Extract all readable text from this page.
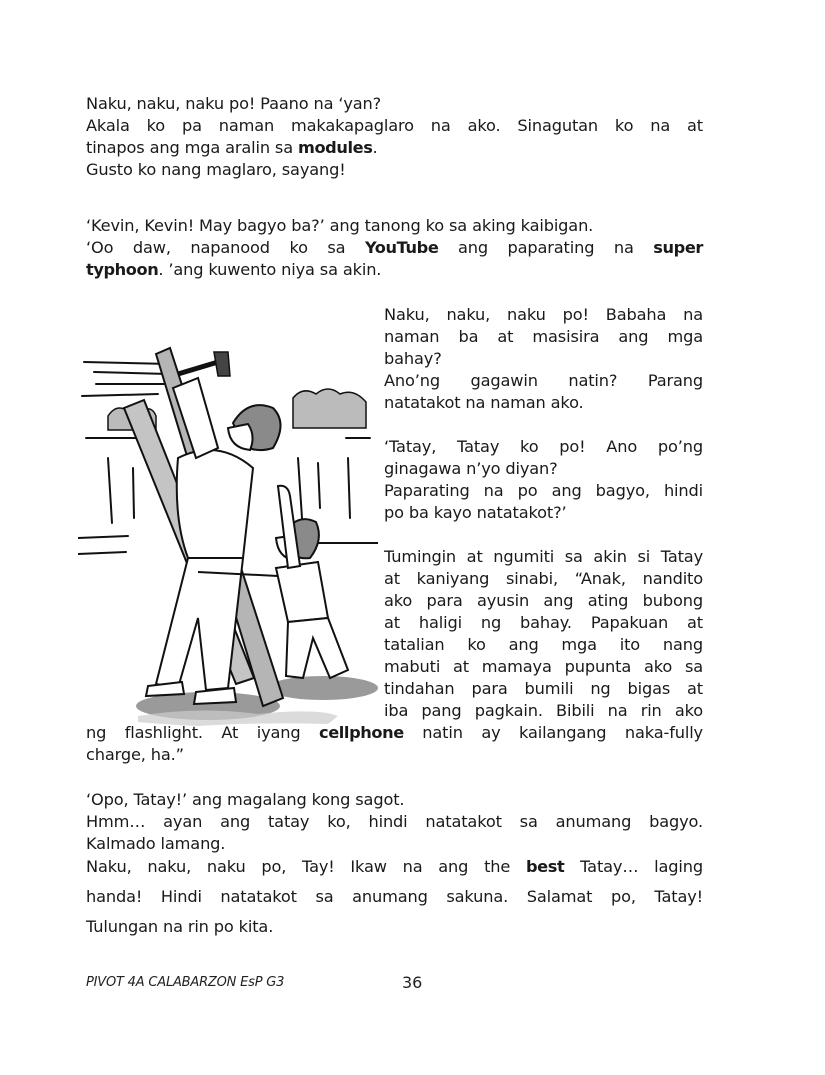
Naku, naku, naku po! Paano na ‘yan?
Akala ko pa naman makakapaglaro na ako. Sinagutan ko na at
tinapos ang mga aralin sa modules.
Gusto ko nang maglaro, sayang!
‘Kevin, Kevin! May bagyo ba?’ ang tanong ko sa aking kaibigan.
‘Oo daw, napanood ko sa YouTube ang paparating na super
typhoon. ’ang kuwento niya sa akin.
Naku, naku, naku po! Babaha na
naman ba at masisira ang mga
bahay?
Ano’ng gagawin natin? Parang
natatakot na naman ako.
‘Tatay, Tatay ko po! Ano po’ng
ginagawa n’yo diyan?
Paparating na po ang bagyo, hindi
po ba kayo natatakot?’
Tumingin at ngumiti sa akin si Tatay
at kaniyang sinabi, “Anak, nandito
ako para ayusin ang ating bubong
at haligi ng bahay. Papakuan at
tatalian ko ang mga ito nang
mabuti at mamaya pupunta ako sa
tindahan para bumili ng bigas at
iba pang pagkain. Bibili na rin ako
ng flashlight. At iyang cellphone natin ay kailangang naka-fully
charge, ha.”
‘Opo, Tatay!’ ang magalang kong sagot.
Hmm… ayan ang tatay ko, hindi natatakot sa anumang bagyo.
Kalmado lamang.
Naku, naku, naku po, Tay! Ikaw na ang the best Tatay… laging
handa! Hindi natatakot sa anumang sakuna. Salamat po, Tatay!
Tulungan na rin po kita.
PIVOT 4A CALABARZON EsP G3	36
